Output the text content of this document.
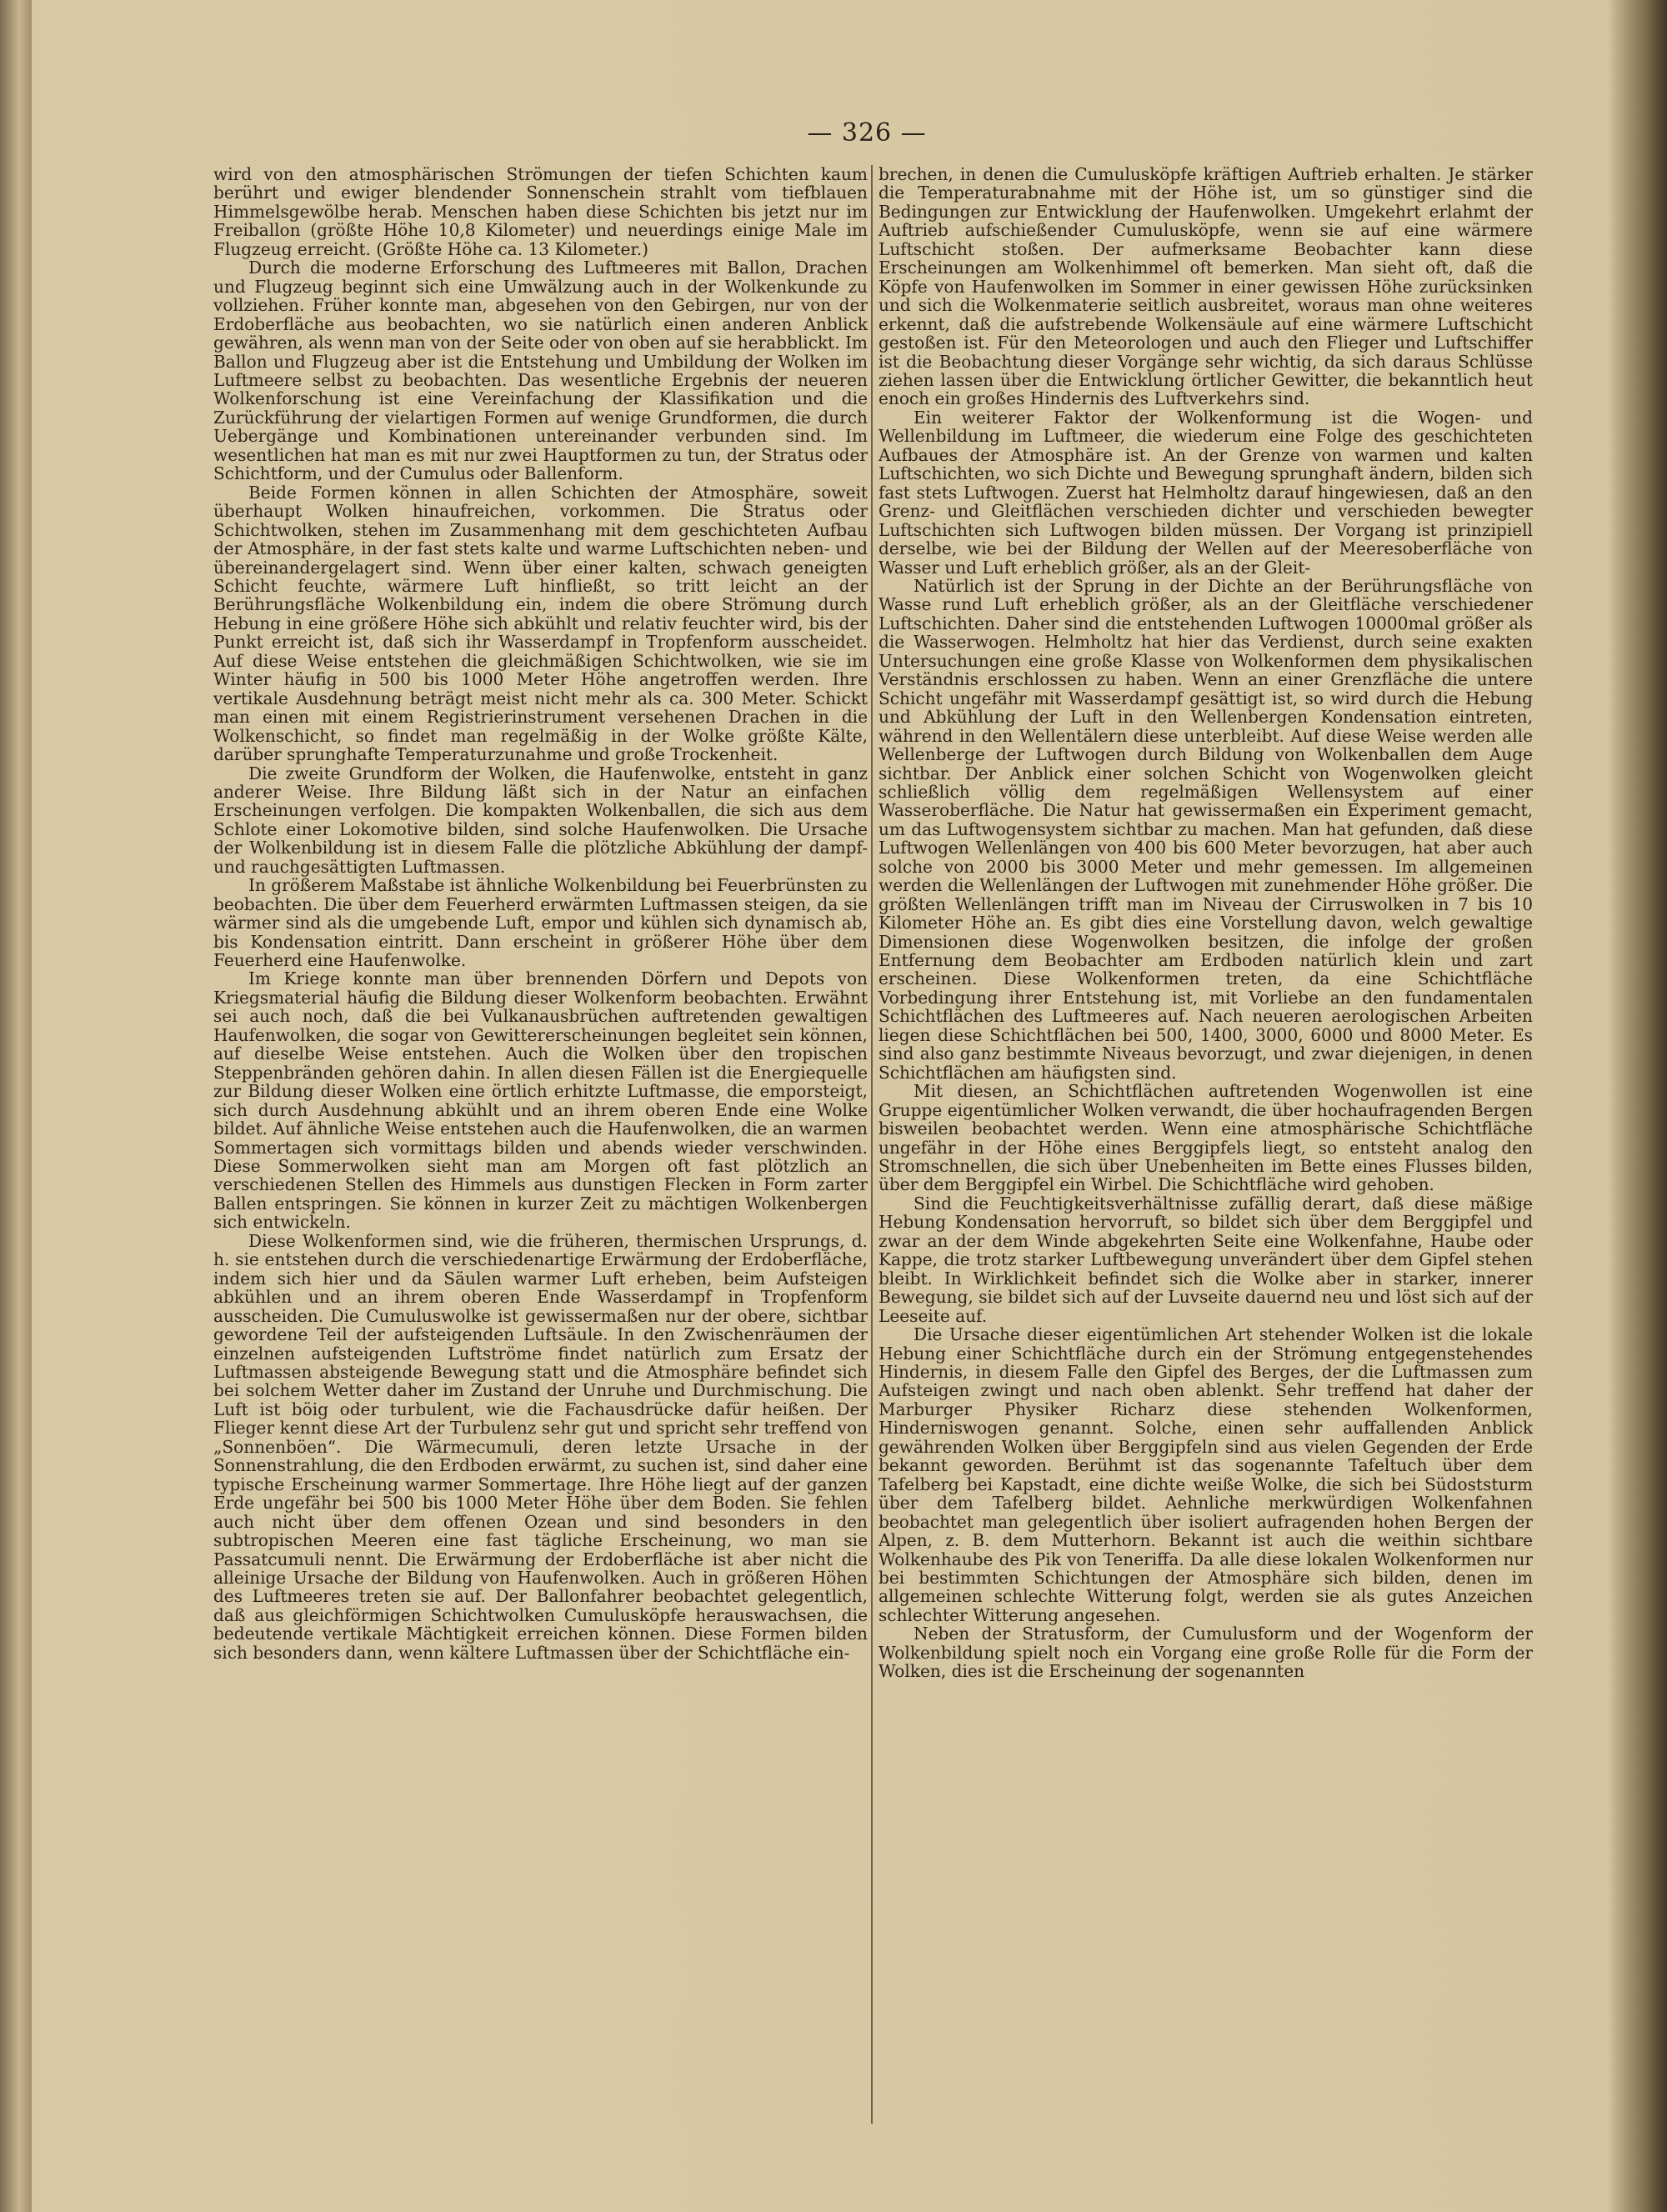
— 326 —

wird von den atmosphärischen Strömungen der tiefen Schichten kaum berührt und ewiger blendender Sonnenschein strahlt vom tiefblauen Himmelsgewölbe herab. Menschen haben diese Schichten bis jetzt nur im Freiballon (größte Höhe 10,8 Kilometer) und neuerdings einige Male im Flugzeug erreicht. (Größte Höhe ca. 13 Kilometer.)

Durch die moderne Erforschung des Luftmeeres mit Ballon, Drachen und Flugzeug beginnt sich eine Umwälzung auch in der Wolkenkunde zu vollziehen. Früher konnte man, abgesehen von den Gebirgen, nur von der Erdoberfläche aus beobachten, wo sie natürlich einen anderen Anblick gewähren, als wenn man von der Seite oder von oben auf sie herabblickt. Im Ballon und Flugzeug aber ist die Entstehung und Umbildung der Wolken im Luftmeere selbst zu beobachten. Das wesentliche Ergebnis der neueren Wolkenforschung ist eine Vereinfachung der Klassifikation und die Zurückführung der vielartigen Formen auf wenige Grundformen, die durch Uebergänge und Kombinationen untereinander verbunden sind. Im wesentlichen hat man es mit nur zwei Hauptformen zu tun, der Stratus oder Schichtform, und der Cumulus oder Ballenform.

Beide Formen können in allen Schichten der Atmosphäre, soweit überhaupt Wolken hinaufreichen, vorkommen. Die Stratus oder Schichtwolken, stehen im Zusammenhang mit dem geschichteten Aufbau der Atmosphäre, in der fast stets kalte und warme Luftschichten neben- und übereinandergelagert sind. Wenn über einer kalten, schwach geneigten Schicht feuchte, wärmere Luft hinfließt, so tritt leicht an der Berührungsfläche Wolkenbildung ein, indem die obere Strömung durch Hebung in eine größere Höhe sich abkühlt und relativ feuchter wird, bis der Punkt erreicht ist, daß sich ihr Wasserdampf in Tropfenform ausscheidet. Auf diese Weise entstehen die gleichmäßigen Schichtwolken, wie sie im Winter häufig in 500 bis 1000 Meter Höhe angetroffen werden. Ihre vertikale Ausdehnung beträgt meist nicht mehr als ca. 300 Meter. Schickt man einen mit einem Registrierinstrument versehenen Drachen in die Wolkenschicht, so findet man regelmäßig in der Wolke größte Kälte, darüber sprunghafte Temperaturzunahme und große Trockenheit.

Die zweite Grundform der Wolken, die Haufenwolke, entsteht in ganz anderer Weise. Ihre Bildung läßt sich in der Natur an einfachen Erscheinungen verfolgen. Die kompakten Wolkenballen, die sich aus dem Schlote einer Lokomotive bilden, sind solche Haufenwolken. Die Ursache der Wolkenbildung ist in diesem Falle die plötzliche Abkühlung der dampf- und rauchgesättigten Luftmassen.

In größerem Maßstabe ist ähnliche Wolkenbildung bei Feuerbrünsten zu beobachten. Die über dem Feuerherd erwärmten Luftmassen steigen, da sie wärmer sind als die umgebende Luft, empor und kühlen sich dynamisch ab, bis Kondensation eintritt. Dann erscheint in größerer Höhe über dem Feuerherd eine Haufenwolke.

Im Kriege konnte man über brennenden Dörfern und Depots von Kriegsmaterial häufig die Bildung dieser Wolkenform beobachten. Erwähnt sei auch noch, daß die bei Vulkanausbrüchen auftretenden gewaltigen Haufenwolken, die sogar von Gewittererscheinungen begleitet sein können, auf dieselbe Weise entstehen. Auch die Wolken über den tropischen Steppenbränden gehören dahin. In allen diesen Fällen ist die Energiequelle zur Bildung dieser Wolken eine örtlich erhitzte Luftmasse, die emporsteigt, sich durch Ausdehnung abkühlt und an ihrem oberen Ende eine Wolke bildet. Auf ähnliche Weise entstehen auch die Haufenwolken, die an warmen Sommertagen sich vormittags bilden und abends wieder verschwinden. Diese Sommerwolken sieht man am Morgen oft fast plötzlich an verschiedenen Stellen des Himmels aus dunstigen Flecken in Form zarter Ballen entspringen. Sie können in kurzer Zeit zu mächtigen Wolkenbergen sich entwickeln.

Diese Wolkenformen sind, wie die früheren, thermischen Ursprungs, d. h. sie entstehen durch die verschiedenartige Erwärmung der Erdoberfläche, indem sich hier und da Säulen warmer Luft erheben, beim Aufsteigen abkühlen und an ihrem oberen Ende Wasserdampf in Tropfenform ausscheiden. Die Cumuluswolke ist gewissermaßen nur der obere, sichtbar gewordene Teil der aufsteigenden Luftsäule. In den Zwischenräumen der einzelnen aufsteigenden Luftströme findet natürlich zum Ersatz der Luftmassen absteigende Bewegung statt und die Atmosphäre befindet sich bei solchem Wetter daher im Zustand der Unruhe und Durchmischung. Die Luft ist böig oder turbulent, wie die Fachausdrücke dafür heißen. Der Flieger kennt diese Art der Turbulenz sehr gut und spricht sehr treffend von „Sonnenböen“. Die Wärmecumuli, deren letzte Ursache in der Sonnenstrahlung, die den Erdboden erwärmt, zu suchen ist, sind daher eine typische Erscheinung warmer Sommertage. Ihre Höhe liegt auf der ganzen Erde ungefähr bei 500 bis 1000 Meter Höhe über dem Boden. Sie fehlen auch nicht über dem offenen Ozean und sind besonders in den subtropischen Meeren eine fast tägliche Erscheinung, wo man sie Passatcumuli nennt. Die Erwärmung der Erdoberfläche ist aber nicht die alleinige Ursache der Bildung von Haufenwolken. Auch in größeren Höhen des Luftmeeres treten sie auf. Der Ballonfahrer beobachtet gelegentlich, daß aus gleichförmigen Schichtwolken Cumulusköpfe herauswachsen, die bedeutende vertikale Mächtigkeit erreichen können. Diese Formen bilden sich besonders dann, wenn kältere Luftmassen über der Schichtfläche ein-

brechen, in denen die Cumulusköpfe kräftigen Auftrieb erhalten. Je stärker die Temperaturabnahme mit der Höhe ist, um so günstiger sind die Bedingungen zur Entwicklung der Haufenwolken. Umgekehrt erlahmt der Auftrieb aufschießender Cumulusköpfe, wenn sie auf eine wärmere Luftschicht stoßen. Der aufmerksame Beobachter kann diese Erscheinungen am Wolkenhimmel oft bemerken. Man sieht oft, daß die Köpfe von Haufenwolken im Sommer in einer gewissen Höhe zurücksinken und sich die Wolkenmaterie seitlich ausbreitet, woraus man ohne weiteres erkennt, daß die aufstrebende Wolkensäule auf eine wärmere Luftschicht gestoßen ist. Für den Meteorologen und auch den Flieger und Luftschiffer ist die Beobachtung dieser Vorgänge sehr wichtig, da sich daraus Schlüsse ziehen lassen über die Entwicklung örtlicher Gewitter, die bekanntlich heut enoch ein großes Hindernis des Luftverkehrs sind.

Ein weiterer Faktor der Wolkenformung ist die Wogen- und Wellenbildung im Luftmeer, die wiederum eine Folge des geschichteten Aufbaues der Atmosphäre ist. An der Grenze von warmen und kalten Luftschichten, wo sich Dichte und Bewegung sprunghaft ändern, bilden sich fast stets Luftwogen. Zuerst hat Helmholtz darauf hingewiesen, daß an den Grenz- und Gleitflächen verschieden dichter und verschieden bewegter Luftschichten sich Luftwogen bilden müssen. Der Vorgang ist prinzipiell derselbe, wie bei der Bildung der Wellen auf der Meeresoberfläche von Wasser und Luft erheblich größer, als an der Gleit-

Natürlich ist der Sprung in der Dichte an der Berührungsfläche von Wasse rund Luft erheblich größer, als an der Gleitfläche verschiedener Luftschichten. Daher sind die entstehenden Luftwogen 10000mal größer als die Wasserwogen. Helmholtz hat hier das Verdienst, durch seine exakten Untersuchungen eine große Klasse von Wolkenformen dem physikalischen Verständnis erschlossen zu haben. Wenn an einer Grenzfläche die untere Schicht ungefähr mit Wasserdampf gesättigt ist, so wird durch die Hebung und Abkühlung der Luft in den Wellenbergen Kondensation eintreten, während in den Wellentälern diese unterbleibt. Auf diese Weise werden alle Wellenberge der Luftwogen durch Bildung von Wolkenballen dem Auge sichtbar. Der Anblick einer solchen Schicht von Wogenwolken gleicht schließlich völlig dem regelmäßigen Wellensystem auf einer Wasseroberfläche. Die Natur hat gewissermaßen ein Experiment gemacht, um das Luftwogensystem sichtbar zu machen. Man hat gefunden, daß diese Luftwogen Wellenlängen von 400 bis 600 Meter bevorzugen, hat aber auch solche von 2000 bis 3000 Meter und mehr gemessen. Im allgemeinen werden die Wellenlängen der Luftwogen mit zunehmender Höhe größer. Die größten Wellenlängen trifft man im Niveau der Cirruswolken in 7 bis 10 Kilometer Höhe an. Es gibt dies eine Vorstellung davon, welch gewaltige Dimensionen diese Wogenwolken besitzen, die infolge der großen Entfernung dem Beobachter am Erdboden natürlich klein und zart erscheinen. Diese Wolkenformen treten, da eine Schichtfläche Vorbedingung ihrer Entstehung ist, mit Vorliebe an den fundamentalen Schichtflächen des Luftmeeres auf. Nach neueren aerologischen Arbeiten liegen diese Schichtflächen bei 500, 1400, 3000, 6000 und 8000 Meter. Es sind also ganz bestimmte Niveaus bevorzugt, und zwar diejenigen, in denen Schichtflächen am häufigsten sind.

Mit diesen, an Schichtflächen auftretenden Wogenwollen ist eine Gruppe eigentümlicher Wolken verwandt, die über hochaufragenden Bergen bisweilen beobachtet werden. Wenn eine atmosphärische Schichtfläche ungefähr in der Höhe eines Berggipfels liegt, so entsteht analog den Stromschnellen, die sich über Unebenheiten im Bette eines Flusses bilden, über dem Berggipfel ein Wirbel. Die Schichtfläche wird gehoben.

Sind die Feuchtigkeitsverhältnisse zufällig derart, daß diese mäßige Hebung Kondensation hervorruft, so bildet sich über dem Berggipfel und zwar an der dem Winde abgekehrten Seite eine Wolkenfahne, Haube oder Kappe, die trotz starker Luftbewegung unverändert über dem Gipfel stehen bleibt. In Wirklichkeit befindet sich die Wolke aber in starker, innerer Bewegung, sie bildet sich auf der Luvseite dauernd neu und löst sich auf der Leeseite auf.

Die Ursache dieser eigentümlichen Art stehender Wolken ist die lokale Hebung einer Schichtfläche durch ein der Strömung entgegenstehendes Hindernis, in diesem Falle den Gipfel des Berges, der die Luftmassen zum Aufsteigen zwingt und nach oben ablenkt. Sehr treffend hat daher der Marburger Physiker Richarz diese stehenden Wolkenformen, Hinderniswogen genannt. Solche, einen sehr auffallenden Anblick gewährenden Wolken über Berggipfeln sind aus vielen Gegenden der Erde bekannt geworden. Berühmt ist das sogenannte Tafeltuch über dem Tafelberg bei Kapstadt, eine dichte weiße Wolke, die sich bei Südoststurm über dem Tafelberg bildet. Aehnliche merkwürdigen Wolkenfahnen beobachtet man gelegentlich über isoliert aufragenden hohen Bergen der Alpen, z. B. dem Mutterhorn. Bekannt ist auch die weithin sichtbare Wolkenhaube des Pik von Teneriffa. Da alle diese lokalen Wolkenformen nur bei bestimmten Schichtungen der Atmosphäre sich bilden, denen im allgemeinen schlechte Witterung folgt, werden sie als gutes Anzeichen schlechter Witterung angesehen.

Neben der Stratusform, der Cumulusform und der Wogenform der Wolkenbildung spielt noch ein Vorgang eine große Rolle für die Form der Wolken, dies ist die Erscheinung der sogenannten
